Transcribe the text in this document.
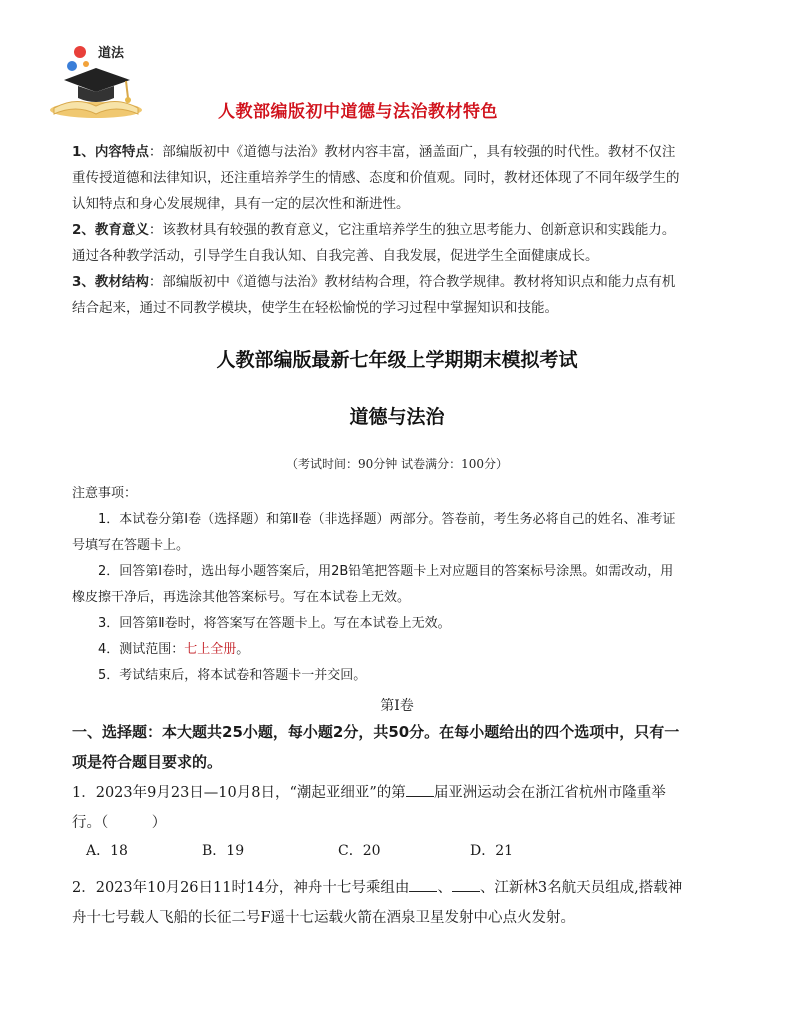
道法
人教部编版初中道德与法治教材特色
1、内容特点：部编版初中《道德与法治》教材内容丰富，涵盖面广，具有较强的时代性。教材不仅注重传授道德和法律知识，还注重培养学生的情感、态度和价值观。同时，教材还体现了不同年级学生的认知特点和身心发展规律，具有一定的层次性和渐进性。
2、教育意义：该教材具有较强的教育意义，它注重培养学生的独立思考能力、创新意识和实践能力。通过各种教学活动，引导学生自我认知、自我完善、自我发展，促进学生全面健康成长。
3、教材结构：部编版初中《道德与法治》教材结构合理，符合教学规律。教材将知识点和能力点有机结合起来，通过不同教学模块，使学生在轻松愉悦的学习过程中掌握知识和技能。
人教部编版最新七年级上学期期末模拟考试
道德与法治
（考试时间：90分钟 试卷满分：100分）
注意事项：
1．本试卷分第Ⅰ卷（选择题）和第Ⅱ卷（非选择题）两部分。答卷前，考生务必将自己的姓名、准考证号填写在答题卡上。
2．回答第Ⅰ卷时，选出每小题答案后，用2B铅笔把答题卡上对应题目的答案标号涂黑。如需改动，用橡皮擦干净后，再选涂其他答案标号。写在本试卷上无效。
3．回答第Ⅱ卷时，将答案写在答题卡上。写在本试卷上无效。
4．测试范围：七上全册。
5．考试结束后，将本试卷和答题卡一并交回。
第Ⅰ卷
一、选择题：本大题共25小题，每小题2分，共50分。在每小题给出的四个选项中，只有一项是符合题目要求的。
1．2023年9月23日—10月8日，“潮起亚细亚”的第 届亚洲运动会在浙江省杭州市隆重举行。（　　　）
A．18	B．19	C．20	D．21
2．2023年10月26日11时14分，神舟十七号乘组由 、 、江新林3名航天员组成,搭载神舟十七号载人飞船的长征二号F遥十七运载火箭在酒泉卫星发射中心点火发射。
